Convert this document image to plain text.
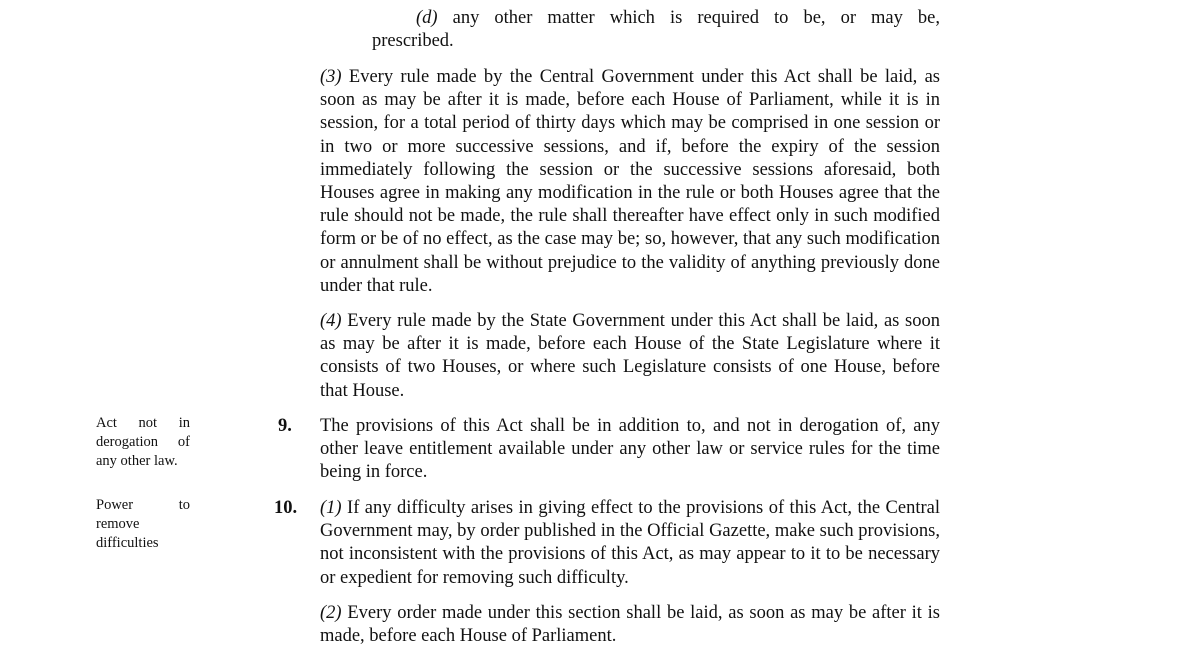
(d) any other matter which is required to be, or may be,
prescribed.
(3) Every rule made by the Central Government under this Act shall be laid, as soon as may be after it is made, before each House of Parliament, while it is in session, for a total period of thirty days which may be comprised in one session or in two or more successive sessions, and if, before the expiry of the session immediately following the session or the successive sessions aforesaid, both Houses agree in making any modification in the rule or both Houses agree that the rule should not be made, the rule shall thereafter have effect only in such modified form or be of no effect, as the case may be; so, however, that any such modification or annulment shall be without prejudice to the validity of anything previously done under that rule.
(4) Every rule made by the State Government under this Act shall be laid, as soon as may be after it is made, before each House of the State Legislature where it consists of two Houses, or where such Legislature consists of one House, before that House.
Act not in derogation of any other law.
9. The provisions of this Act shall be in addition to, and not in derogation of, any other leave entitlement available under any other law or service rules for the time being in force.
Power to remove difficulties
10. (1) If any difficulty arises in giving effect to the provisions of this Act, the Central Government may, by order published in the Official Gazette, make such provisions, not inconsistent with the provisions of this Act, as may appear to it to be necessary or expedient for removing such difficulty.
(2) Every order made under this section shall be laid, as soon as may be after it is made, before each House of Parliament.
